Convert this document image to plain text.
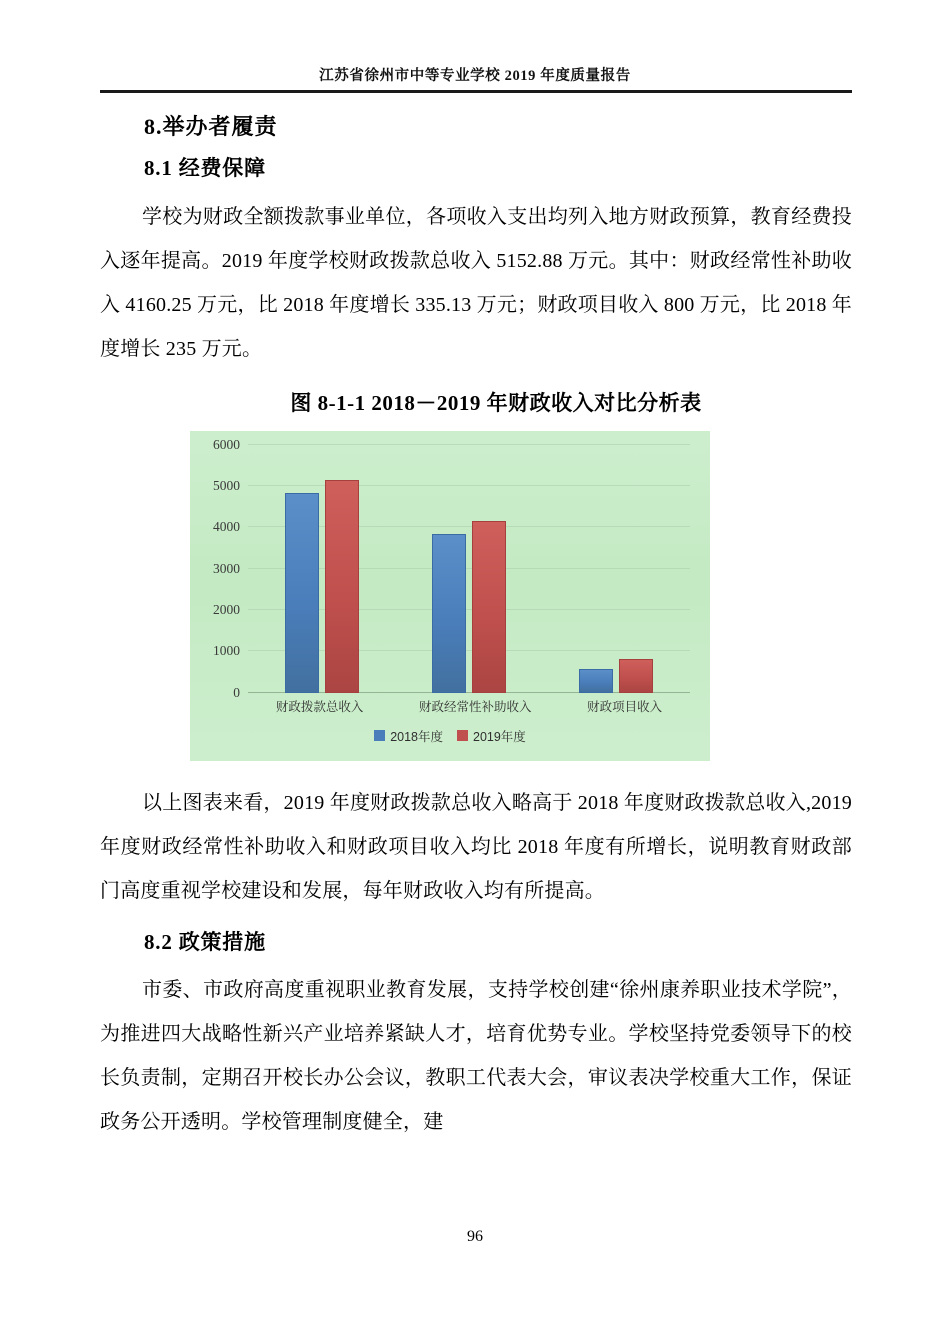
江苏省徐州市中等专业学校 2019 年度质量报告
8.举办者履责
8.1 经费保障

学校为财政全额拨款事业单位，各项收入支出均列入地方财政预算，教育经费投入逐年提高。2019 年度学校财政拨款总收入 5152.88 万元。其中：财政经常性补助收入 4160.25 万元，比 2018 年度增长 335.13 万元；财政项目收入 800 万元，比 2018 年度增长 235 万元。

图 8-1-1 2018－2019 年财政收入对比分析表
6000
5000
4000
3000
2000
1000
0
财政拨款总收入	财政经常性补助收入	财政项目收入
2018年度 2019年度

以上图表来看，2019 年度财政拨款总收入略高于 2018 年度财政拨款总收入,2019 年度财政经常性补助收入和财政项目收入均比 2018 年度有所增长，说明教育财政部门高度重视学校建设和发展，每年财政收入均有所提高。

8.2 政策措施

市委、市政府高度重视职业教育发展，支持学校创建“徐州康养职业技术学院”，为推进四大战略性新兴产业培养紧缺人才，培育优势专业。学校坚持党委领导下的校长负责制，定期召开校长办公会议，教职工代表大会，审议表决学校重大工作，保证政务公开透明。学校管理制度健全，建

96
